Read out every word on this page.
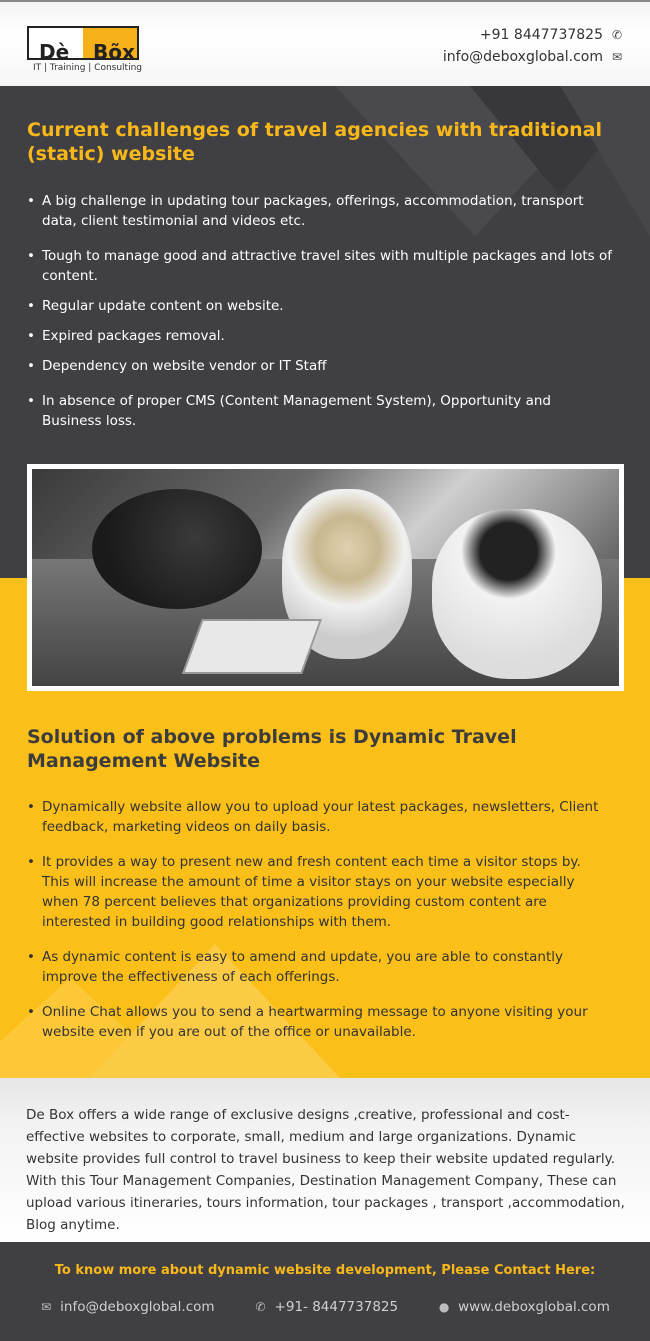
Dè Bõx
IT | Training | Consulting
+91 8447737825 ✆
info@deboxglobal.com ✉
Current challenges of travel agencies with traditional (static) website
• A big challenge in updating tour packages, offerings, accommodation, transport data, client testimonial and videos etc.
• Tough to manage good and attractive travel sites with multiple packages and lots of content.
• Regular update content on website.
• Expired packages removal.
• Dependency on website vendor or IT Staff
• In absence of proper CMS (Content Management System), Opportunity and Business loss.
Solution of above problems is Dynamic Travel Management Website
• Dynamically website allow you to upload your latest packages, newsletters, Client feedback, marketing videos on daily basis.
• It provides a way to present new and fresh content each time a visitor stops by. This will increase the amount of time a visitor stays on your website especially when 78 percent believes that organizations providing custom content are interested in building good relationships with them.
• As dynamic content is easy to amend and update, you are able to constantly improve the effectiveness of each offerings.
• Online Chat allows you to send a heartwarming message to anyone visiting your website even if you are out of the office or unavailable.

De Box offers a wide range of exclusive designs ,creative, professional and cost-effective websites to corporate, small, medium and large organizations. Dynamic website provides full control to travel business to keep their website updated regularly. With this Tour Management Companies, Destination Management Company, These can upload various itineraries, tours information, tour packages , transport ,accommodation, Blog anytime.

To know more about dynamic website development, Please Contact Here:
✉ info@deboxglobal.com	✆ +91- 8447737825	● www.deboxglobal.com
